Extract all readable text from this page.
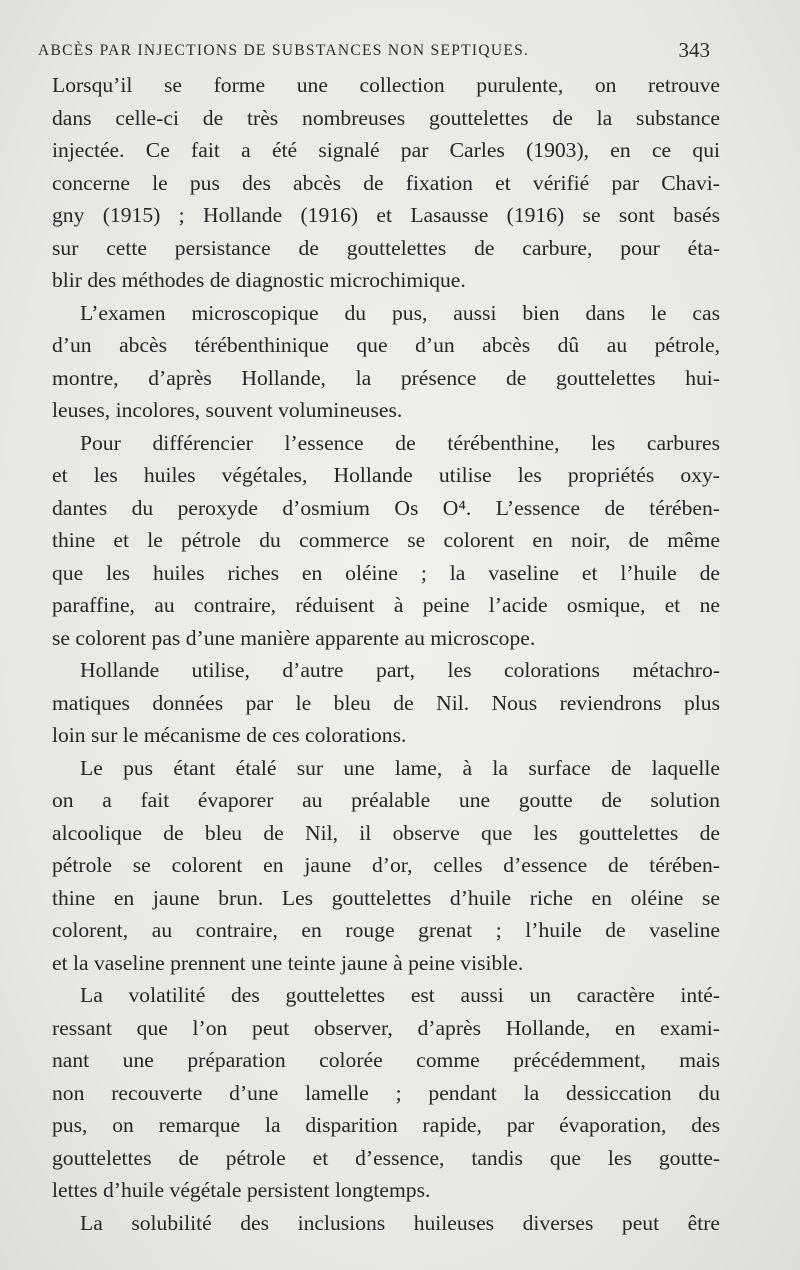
ABCÈS PAR INJECTIONS DE SUBSTANCES NON SEPTIQUES.	343
Lorsqu’il se forme une collection purulente, on retrouve
dans celle-ci de très nombreuses gouttelettes de la substance
injectée. Ce fait a été signalé par Carles (1903), en ce qui
concerne le pus des abcès de fixation et vérifié par Chavi-
gny (1915) ; Hollande (1916) et Lasausse (1916) se sont basés
sur cette persistance de gouttelettes de carbure, pour éta-
blir des méthodes de diagnostic microchimique.
L’examen microscopique du pus, aussi bien dans le cas
d’un abcès térébenthinique que d’un abcès dû au pétrole,
montre, d’après Hollande, la présence de gouttelettes hui-
leuses, incolores, souvent volumineuses.
Pour différencier l’essence de térébenthine, les carbures
et les huiles végétales, Hollande utilise les propriétés oxy-
dantes du peroxyde d’osmium Os O⁴. L’essence de térében-
thine et le pétrole du commerce se colorent en noir, de même
que les huiles riches en oléine ; la vaseline et l’huile de
paraffine, au contraire, réduisent à peine l’acide osmique, et ne
se colorent pas d’une manière apparente au microscope.
Hollande utilise, d’autre part, les colorations métachro-
matiques données par le bleu de Nil. Nous reviendrons plus
loin sur le mécanisme de ces colorations.
Le pus étant étalé sur une lame, à la surface de laquelle
on a fait évaporer au préalable une goutte de solution
alcoolique de bleu de Nil, il observe que les gouttelettes de
pétrole se colorent en jaune d’or, celles d’essence de térében-
thine en jaune brun. Les gouttelettes d’huile riche en oléine se
colorent, au contraire, en rouge grenat ; l’huile de vaseline
et la vaseline prennent une teinte jaune à peine visible.
La volatilité des gouttelettes est aussi un caractère inté-
ressant que l’on peut observer, d’après Hollande, en exami-
nant une préparation colorée comme précédemment, mais
non recouverte d’une lamelle ; pendant la dessiccation du
pus, on remarque la disparition rapide, par évaporation, des
gouttelettes de pétrole et d’essence, tandis que les goutte-
lettes d’huile végétale persistent longtemps.
La solubilité des inclusions huileuses diverses peut être
